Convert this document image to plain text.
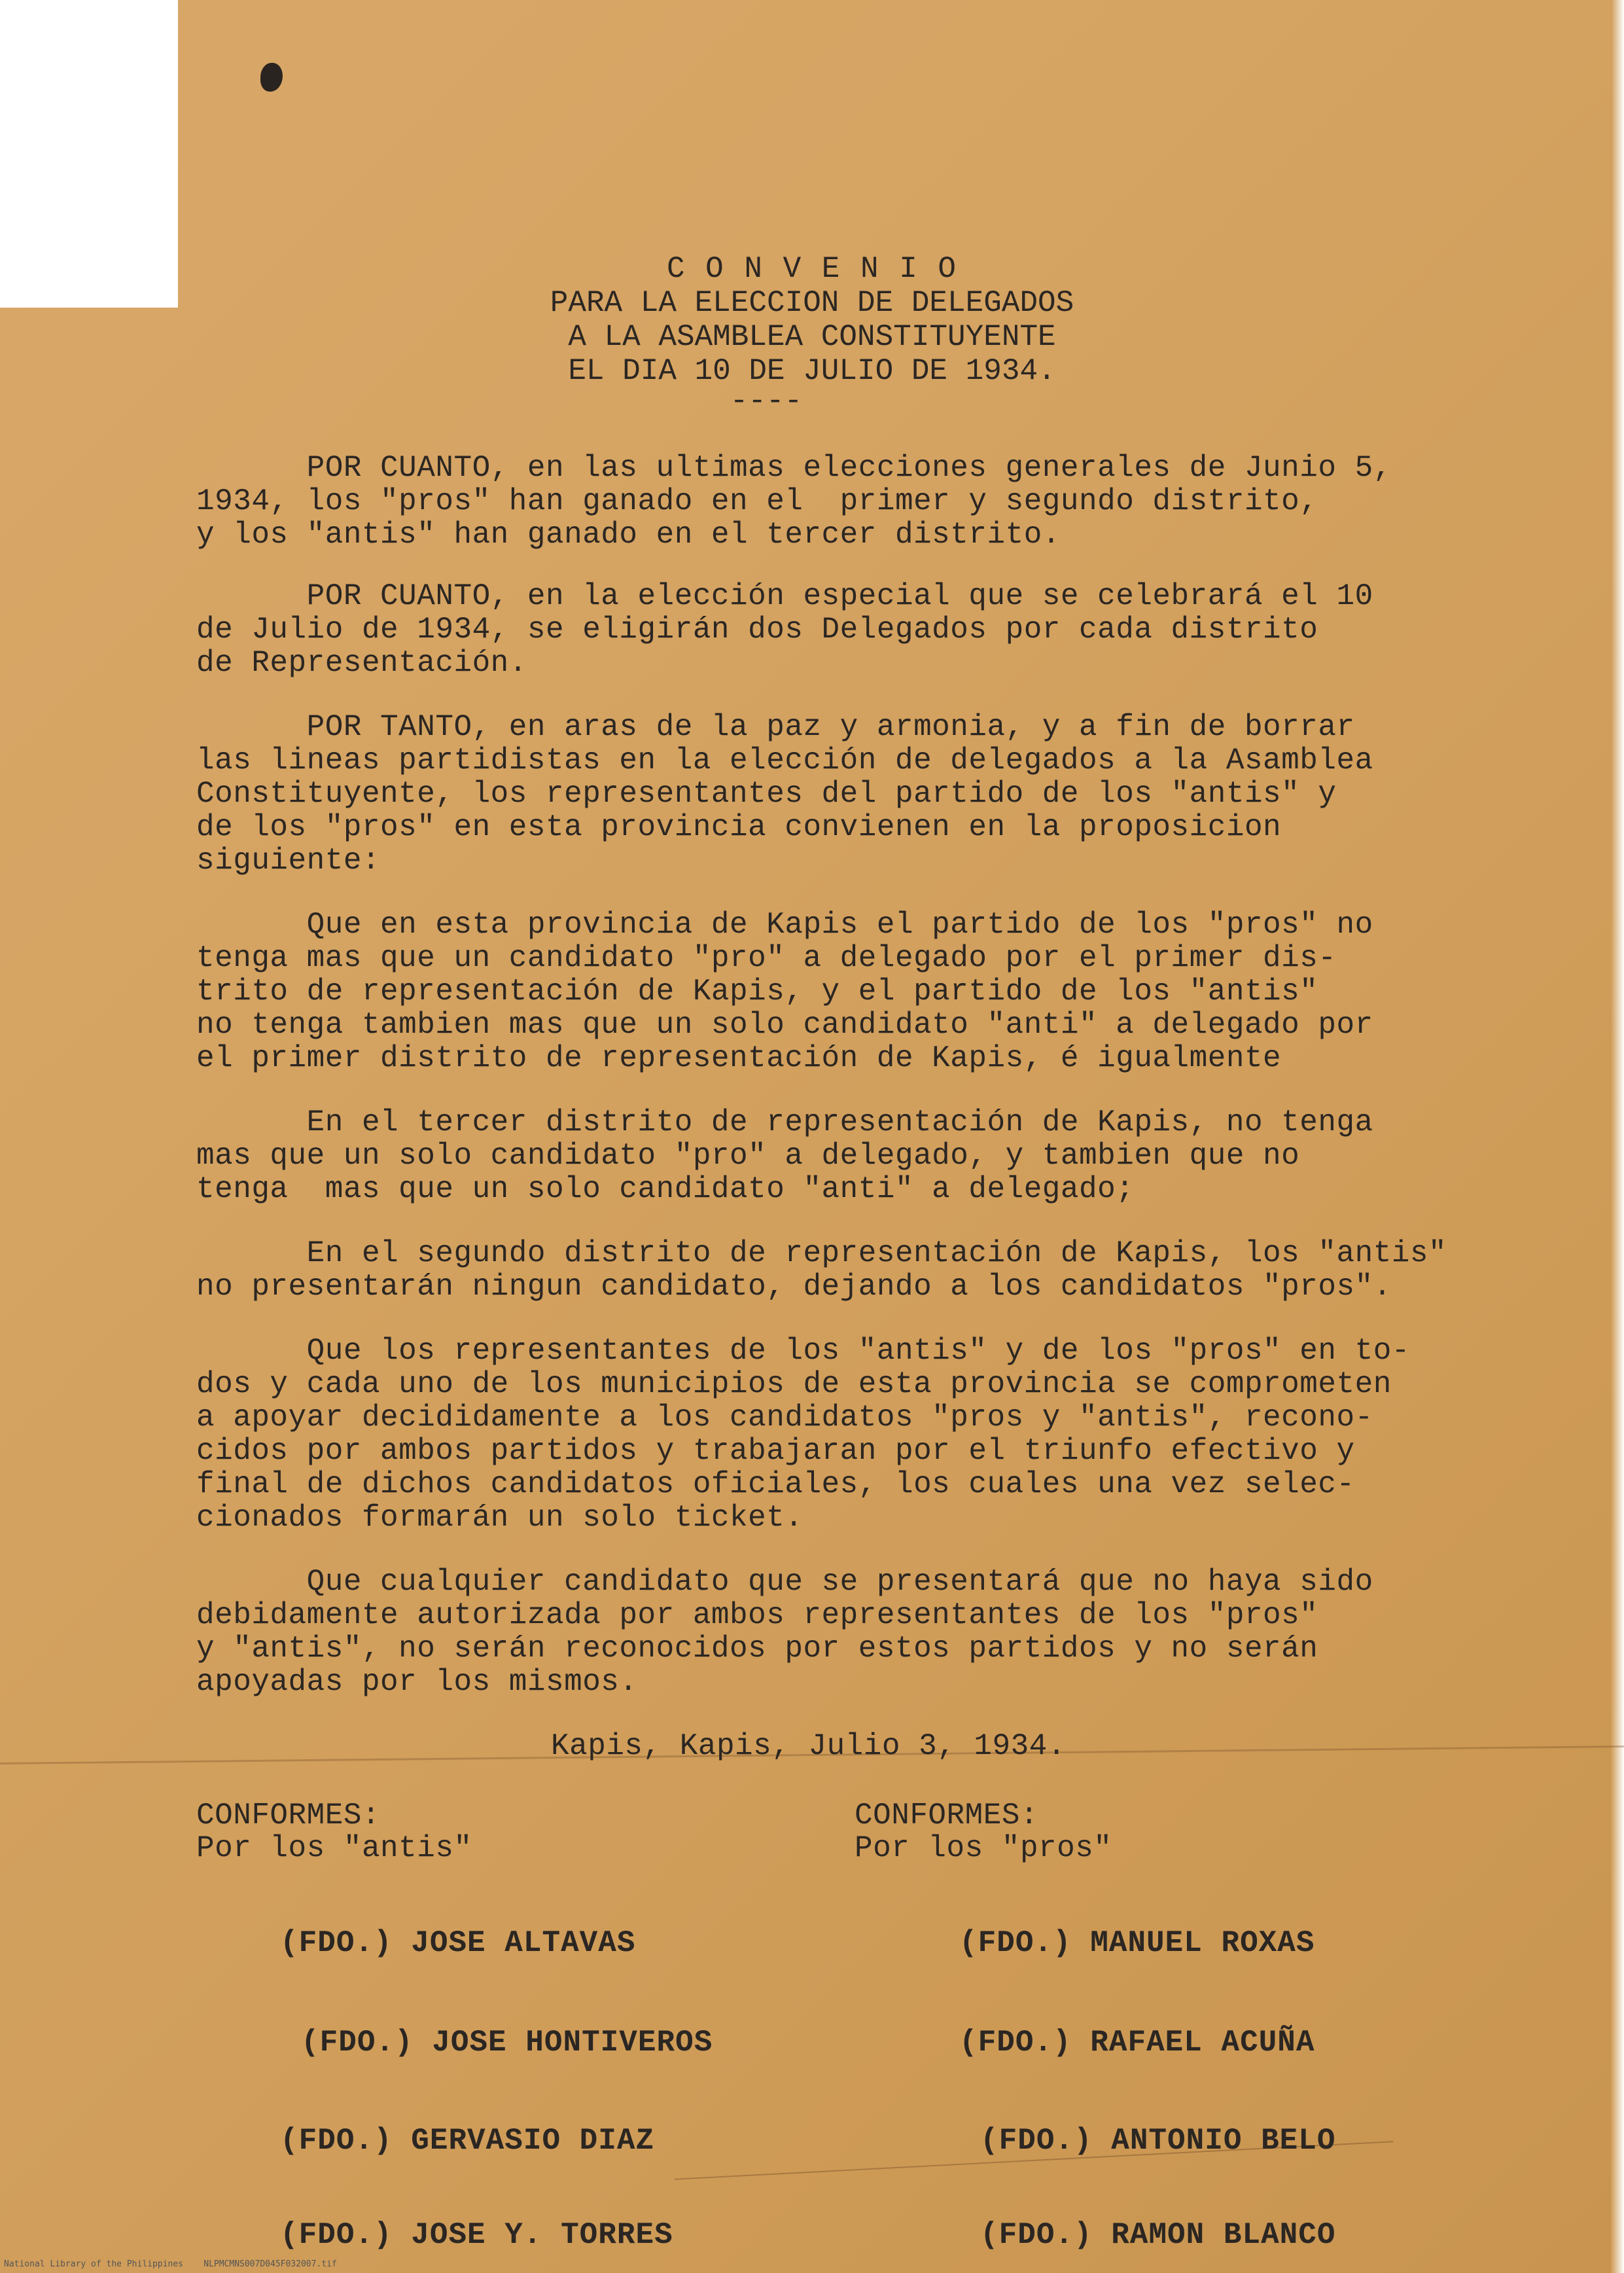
C O N V E N I O
PARA LA ELECCION DE DELEGADOS
A LA ASAMBLEA CONSTITUYENTE
EL DIA 10 DE JULIO DE 1934.
----
POR CUANTO, en las ultimas elecciones generales de Junio 5,
1934, los "pros" han ganado en el  primer y segundo distrito,
y los "antis" han ganado en el tercer distrito.
POR CUANTO, en la elección especial que se celebrará el 10
de Julio de 1934, se eligirán dos Delegados por cada distrito
de Representación.
POR TANTO, en aras de la paz y armonia, y a fin de borrar
las lineas partidistas en la elección de delegados a la Asamblea
Constituyente, los representantes del partido de los "antis" y
de los "pros" en esta provincia convienen en la proposicion
siguiente:
Que en esta provincia de Kapis el partido de los "pros" no
tenga mas que un candidato "pro" a delegado por el primer dis-
trito de representación de Kapis, y el partido de los "antis"
no tenga tambien mas que un solo candidato "anti" a delegado por
el primer distrito de representación de Kapis, é igualmente
En el tercer distrito de representación de Kapis, no tenga
mas que un solo candidato "pro" a delegado, y tambien que no
tenga  mas que un solo candidato "anti" a delegado;
En el segundo distrito de representación de Kapis, los "antis"
no presentarán ningun candidato, dejando a los candidatos "pros".
Que los representantes de los "antis" y de los "pros" en to-
dos y cada uno de los municipios de esta provincia se comprometen
a apoyar decididamente a los candidatos "pros y "antis", recono-
cidos por ambos partidos y trabajaran por el triunfo efectivo y
final de dichos candidatos oficiales, los cuales una vez selec-
cionados formarán un solo ticket.
Que cualquier candidato que se presentará que no haya sido
debidamente autorizada por ambos representantes de los "pros"
y "antis", no serán reconocidos por estos partidos y no serán
apoyadas por los mismos.
Kapis, Kapis, Julio 3, 1934.
CONFORMES:
Por los "antis"
CONFORMES:
Por los "pros"
(FDO.) JOSE ALTAVAS
(FDO.) JOSE HONTIVEROS
(FDO.) GERVASIO DIAZ
(FDO.) JOSE Y. TORRES
(FDO.) MANUEL ROXAS
(FDO.) RAFAEL ACUÑA
(FDO.) ANTONIO BELO
(FDO.) RAMON BLANCO
National Library of the Philippines    NLPMCMNS007D045F032007.tif
